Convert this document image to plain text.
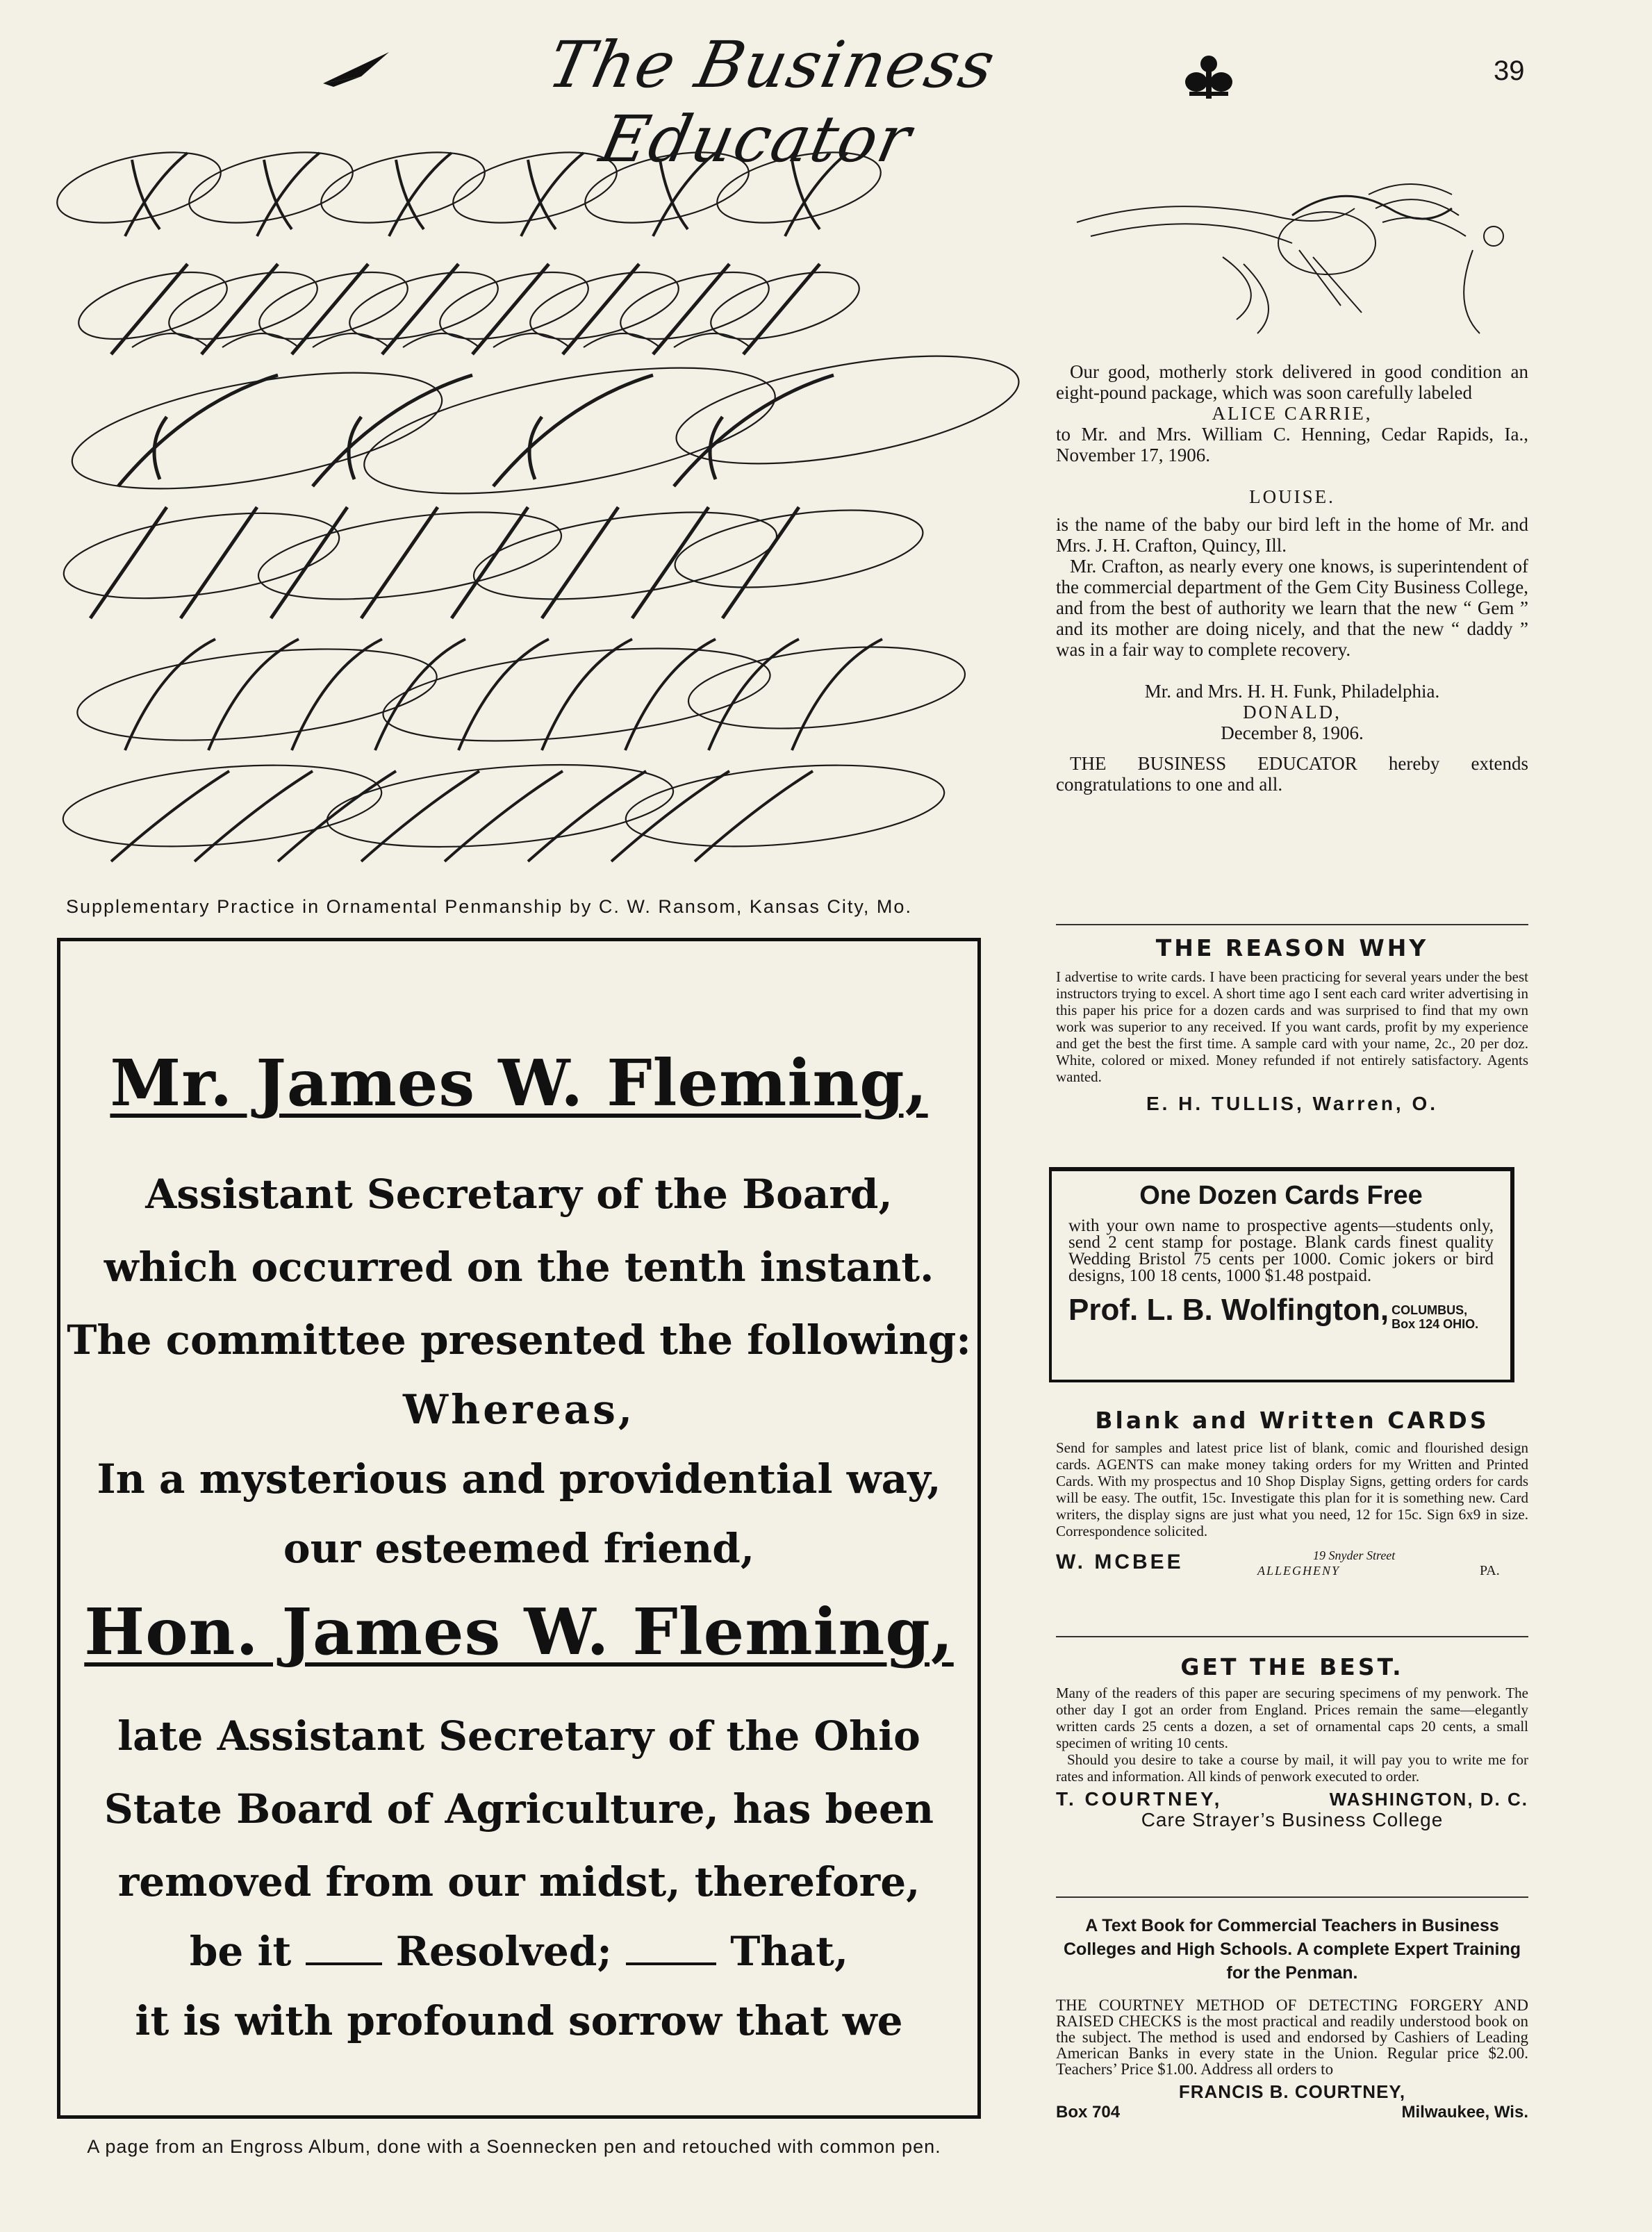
The Business Educator
39
Supplementary Practice in Ornamental Penmanship by C. W. Ransom, Kansas City, Mo.
Our good, motherly stork delivered in good condition an eight-pound package, which was soon carefully labeled
ALICE CARRIE,
to Mr. and Mrs. William C. Henning, Cedar Rapids, Ia., November 17, 1906.
LOUISE.
is the name of the baby our bird left in the home of Mr. and Mrs. J. H. Crafton, Quincy, Ill.
Mr. Crafton, as nearly every one knows, is superintendent of the commercial department of the Gem City Business College, and from the best of authority we learn that the new “ Gem ” and its mother are doing nicely, and that the new “ daddy ” was in a fair way to complete recovery.
Mr. and Mrs. H. H. Funk, Philadelphia.
DONALD,
December 8, 1906.
THE BUSINESS EDUCATOR hereby extends congratulations to one and all.
THE REASON WHY
I advertise to write cards. I have been practicing for several years under the best instructors trying to excel. A short time ago I sent each card writer advertising in this paper his price for a dozen cards and was surprised to find that my own work was superior to any received. If you want cards, profit by my experience and get the best the first time. A sample card with your name, 2c., 20 per doz. White, colored or mixed. Money refunded if not entirely satisfactory. Agents wanted.
E. H. TULLIS, Warren, O.
One Dozen Cards Free
with your own name to prospective agents—students only, send 2 cent stamp for postage. Blank cards finest quality Wedding Bristol 75 cents per 1000. Comic jokers or bird designs, 100 18 cents, 1000 $1.48 postpaid.
Prof. L. B. Wolfington, COLUMBUS,
Box 124 OHIO.
Blank and Written CARDS
Send for samples and latest price list of blank, comic and flourished design cards. AGENTS can make money taking orders for my Written and Printed Cards. With my prospectus and 10 Shop Display Signs, getting orders for cards will be easy. The outfit, 15c. Investigate this plan for it is something new. Card writers, the display signs are just what you need, 12 for 15c. Sign 6x9 in size. Correspondence solicited.
W. MCBEE	19 Snyder Street
ALLEGHENY	PA.
GET THE BEST.
Many of the readers of this paper are securing specimens of my penwork. The other day I got an order from England. Prices remain the same—elegantly written cards 25 cents a dozen, a set of ornamental caps 20 cents, a small specimen of writing 10 cents.
Should you desire to take a course by mail, it will pay you to write me for rates and information. All kinds of penwork executed to order.
T. COURTNEY,	WASHINGTON, D. C.
Care Strayer’s Business College
A Text Book for Commercial Teachers in Business Colleges and High Schools. A complete Expert Training for the Penman.
THE COURTNEY METHOD OF DETECTING FORGERY AND RAISED CHECKS is the most practical and readily understood book on the subject. The method is used and endorsed by Cashiers of Leading American Banks in every state in the Union. Regular price $2.00. Teachers’ Price $1.00. Address all orders to
FRANCIS B. COURTNEY,
Box 704	Milwaukee, Wis.
Mr. James W. Fleming,
Assistant Secretary of the Board,
which occurred on the tenth instant.
The committee presented the following:
Whereas,
In a mysterious and providential way,
our esteemed friend,
Hon. James W. Fleming,
late Assistant Secretary of the Ohio
State Board of Agriculture, has been
removed from our midst, therefore,
be it	Resolved;	That,
it is with profound sorrow that we
A page from an Engross Album, done with a Soennecken pen and retouched with common pen.
